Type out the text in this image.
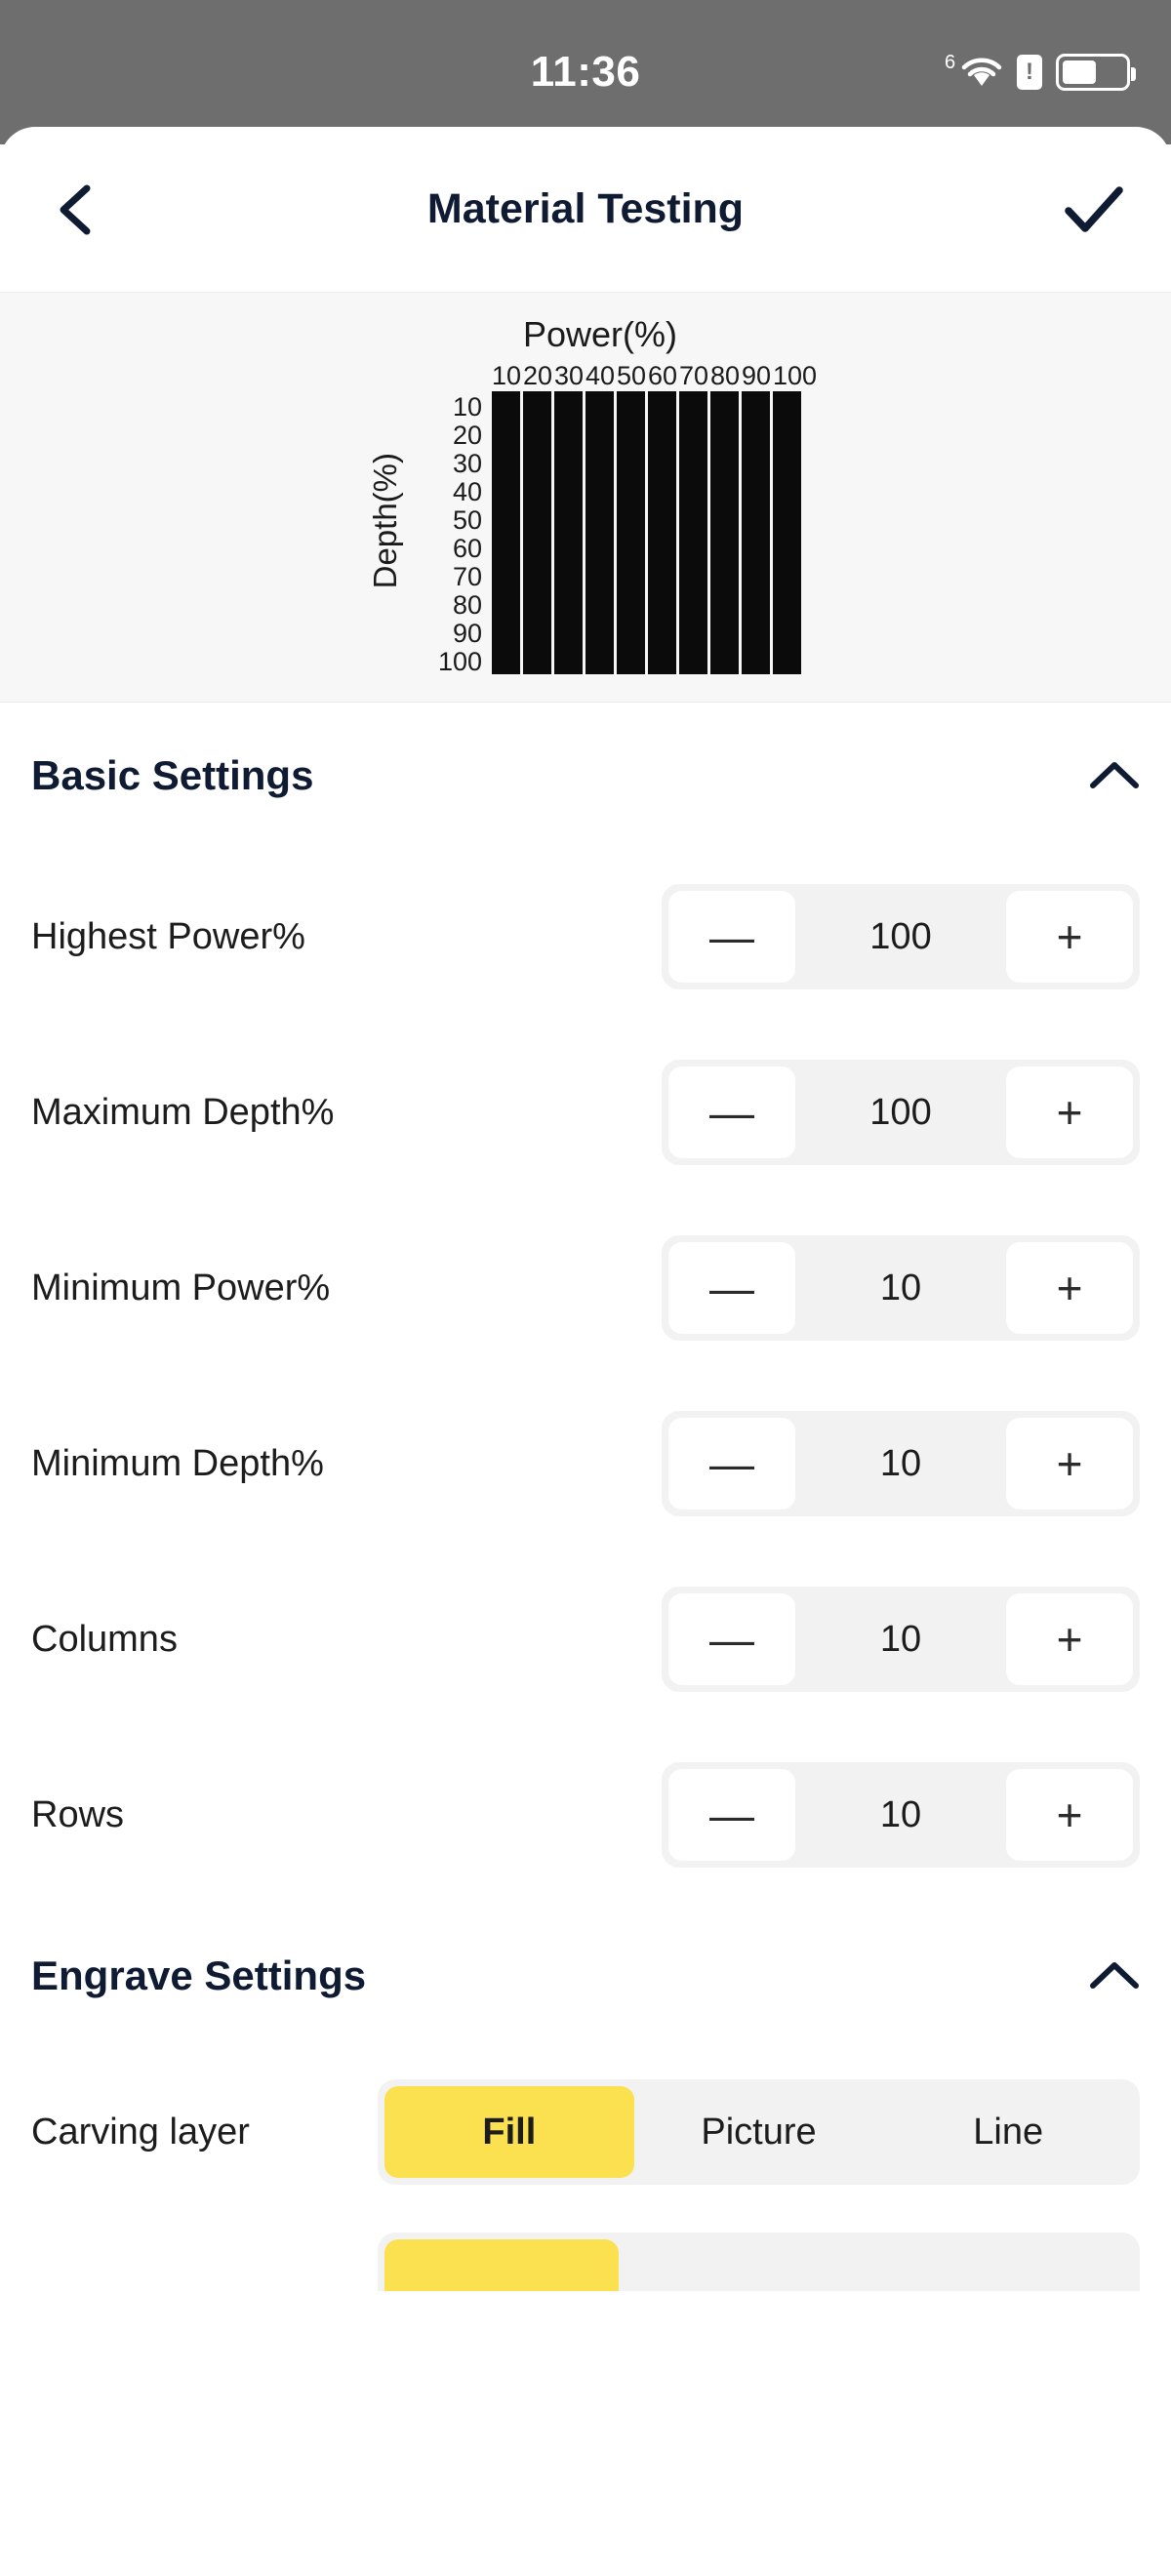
11:36	6	!
Material Testing
Power(%)
Depth(%)
10
20
30
40
50
60
70
80
90
100
10 20 30 40 50 60 70 80 90 100
Basic Settings
Highest Power%	—	100	+
Maximum Depth%	—	100	+
Minimum Power%	—	10	+
Minimum Depth%	—	10	+
Columns	—	10	+
Rows	—	10	+
Engrave Settings
Carving layer	Fill	Picture	Line
